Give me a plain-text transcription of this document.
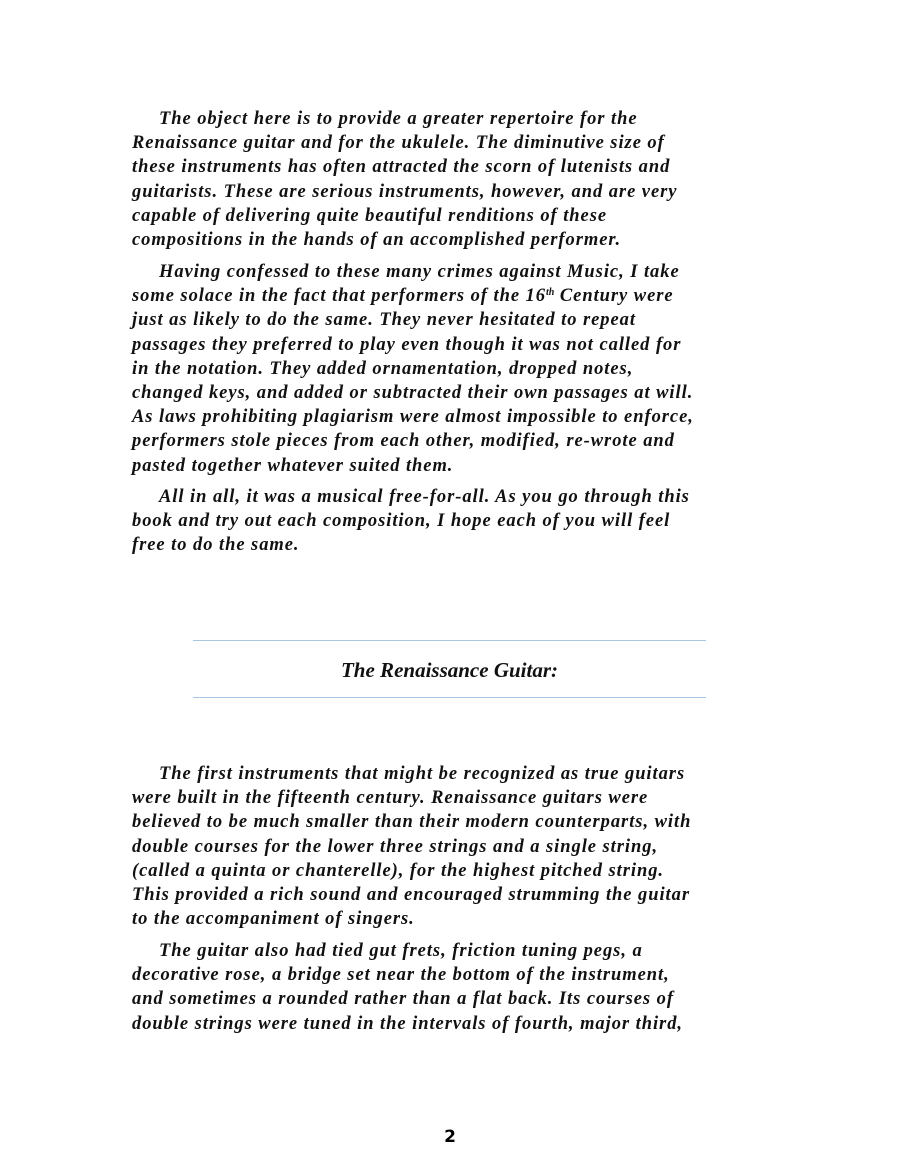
The object here is to provide a greater repertoire for the
Renaissance guitar and for the ukulele. The diminutive size of
these instruments has often attracted the scorn of lutenists and
guitarists. These are serious instruments, however, and are very
capable of delivering quite beautiful renditions of these
compositions in the hands of an accomplished performer.

Having confessed to these many crimes against Music, I take
some solace in the fact that performers of the 16th Century were
just as likely to do the same. They never hesitated to repeat
passages they preferred to play even though it was not called for
in the notation. They added ornamentation, dropped notes,
changed keys, and added or subtracted their own passages at will.
As laws prohibiting plagiarism were almost impossible to enforce,
performers stole pieces from each other, modified, re-wrote and
pasted together whatever suited them.

All in all, it was a musical free-for-all. As you go through this
book and try out each composition, I hope each of you will feel
free to do the same.

The Renaissance Guitar:

The first instruments that might be recognized as true guitars
were built in the fifteenth century. Renaissance guitars were
believed to be much smaller than their modern counterparts, with
double courses for the lower three strings and a single string,
(called a quinta or chanterelle), for the highest pitched string.
This provided a rich sound and encouraged strumming the guitar
to the accompaniment of singers.

The guitar also had tied gut frets, friction tuning pegs, a
decorative rose, a bridge set near the bottom of the instrument,
and sometimes a rounded rather than a flat back. Its courses of
double strings were tuned in the intervals of fourth, major third,

2
